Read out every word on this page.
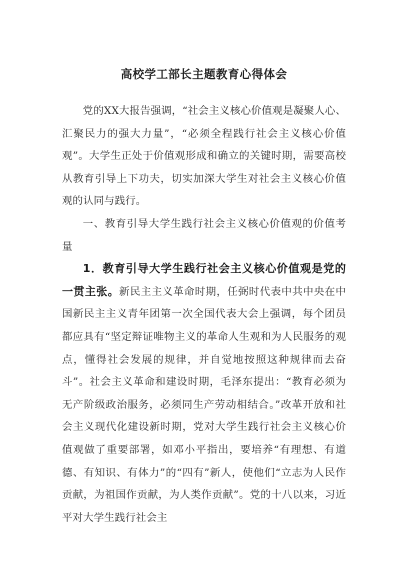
高校学工部长主题教育心得体会

党的XX大报告强调，“社会主义核心价值观是凝聚人心、汇聚民力的强大力量”，“必须全程践行社会主义核心价值观”。大学生正处于价值观形成和确立的关键时期，需要高校从教育引导上下功夫，切实加深大学生对社会主义核心价值观的认同与践行。

一、教育引导大学生践行社会主义核心价值观的价值考量

1．教育引导大学生践行社会主义核心价值观是党的一贯主张。新民主主义革命时期，任弼时代表中共中央在中国新民主主义青年团第一次全国代表大会上强调，每个团员都应具有“坚定辩证唯物主义的革命人生观和为人民服务的观点，懂得社会发展的规律，并自觉地按照这种规律而去奋斗”。社会主义革命和建设时期，毛泽东提出：“教育必须为无产阶级政治服务，必须同生产劳动相结合。”改革开放和社会主义现代化建设新时期，党对大学生践行社会主义核心价值观做了重要部署，如邓小平指出，要培养“有理想、有道德、有知识、有体力”的“四有”新人，使他们“立志为人民作贡献，为祖国作贡献，为人类作贡献”。党的十八以来，习近平对大学生践行社会主
